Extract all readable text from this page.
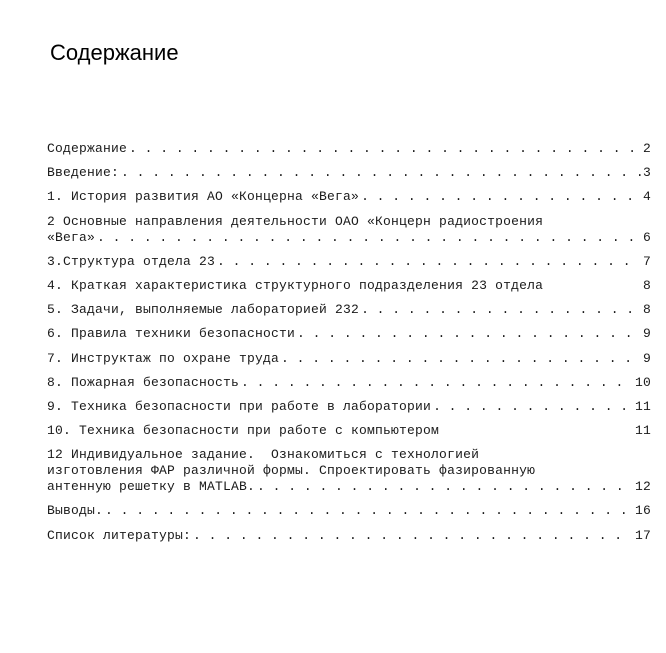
Содержание
Содержание . . .	2
Введение: . . .	3
1. История развития АО «Концерна «Вега» . . .	4
2 Основные направления деятельности ОАО «Концерн радиостроения
«Вега» . . .	6
3.Структура отдела 23 . . .	7
4. Краткая характеристика структурного подразделения 23 отдела	8
5. Задачи, выполняемые лабораторией 232 . . .	8
6. Правила техники безопасности . . .	9
7. Инструктаж по охране труда . . .	9
8. Пожарная безопасность . . .	10
9. Техника безопасности при работе в лаборатории . . .	11
10. Техника безопасности при работе с компьютером	11
12 Индивидуальное задание.  Ознакомиться с технологией
изготовления ФАР различной формы. Спроектировать фазированную
антенную решетку в MATLAB. . . .	12
Выводы. . . .	16
Список литературы: . . .	17
